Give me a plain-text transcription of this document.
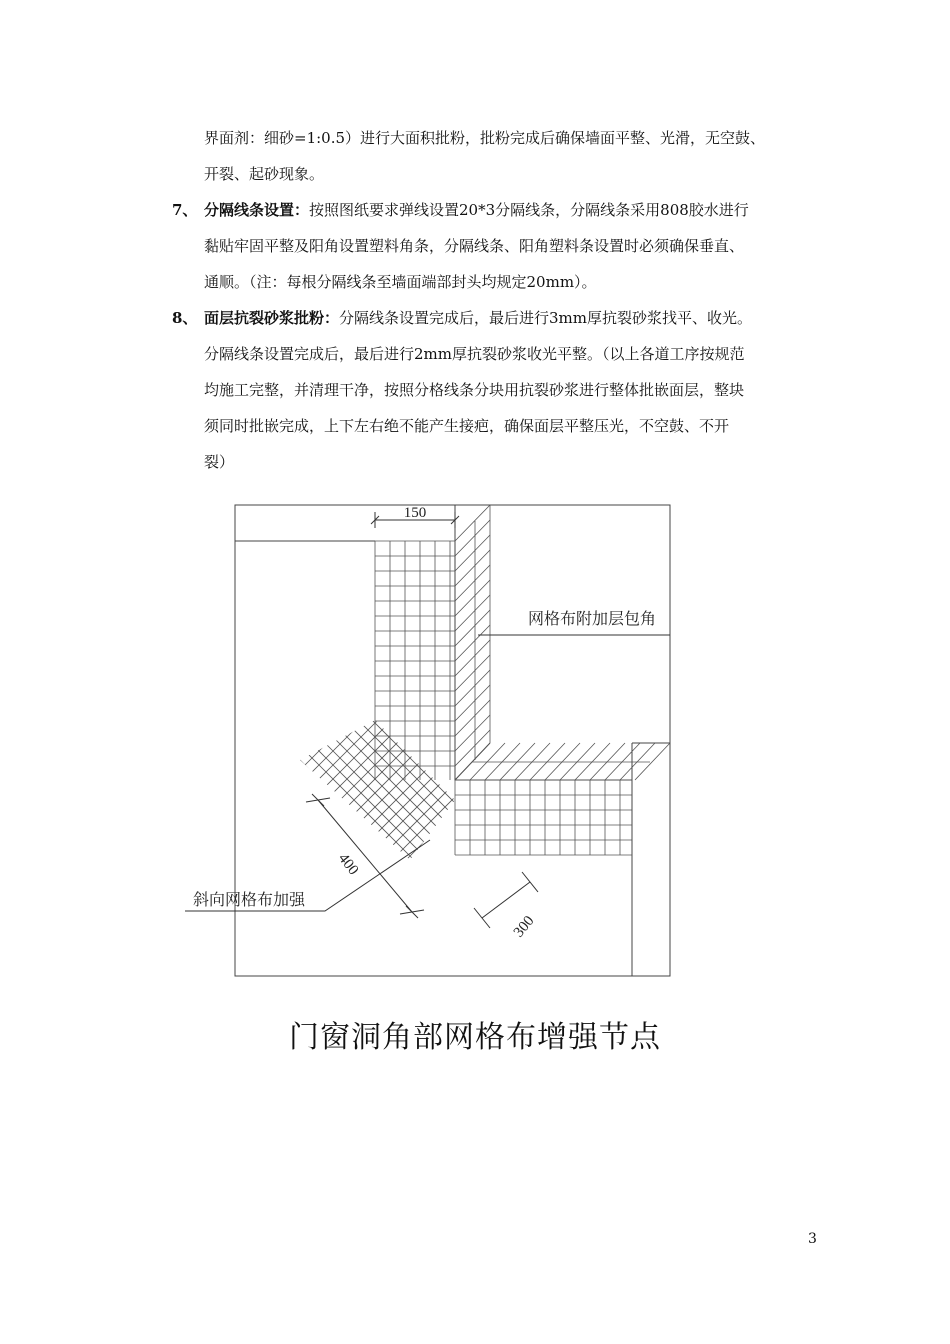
界面剂：细砂=1:0.5）进行大面积批粉，批粉完成后确保墙面平整、光滑，无空鼓、
开裂、起砂现象。
7、 分隔线条设置：按照图纸要求弹线设置20*3分隔线条，分隔线条采用808胶水进行
黏贴牢固平整及阳角设置塑料角条，分隔线条、阳角塑料条设置时必须确保垂直、
通顺。（注：每根分隔线条至墙面端部封头均规定20mm）。
8、 面层抗裂砂浆批粉：分隔线条设置完成后，最后进行3mm厚抗裂砂浆找平、收光。
分隔线条设置完成后，最后进行2mm厚抗裂砂浆收光平整。（以上各道工序按规范
均施工完整，并清理干净，按照分格线条分块用抗裂砂浆进行整体批嵌面层，整块
须同时批嵌完成，上下左右绝不能产生接疤，确保面层平整压光，不空鼓、不开
裂）
150
网格布附加层包角
400
300
斜向网格布加强
门窗洞角部网格布增强节点
3
